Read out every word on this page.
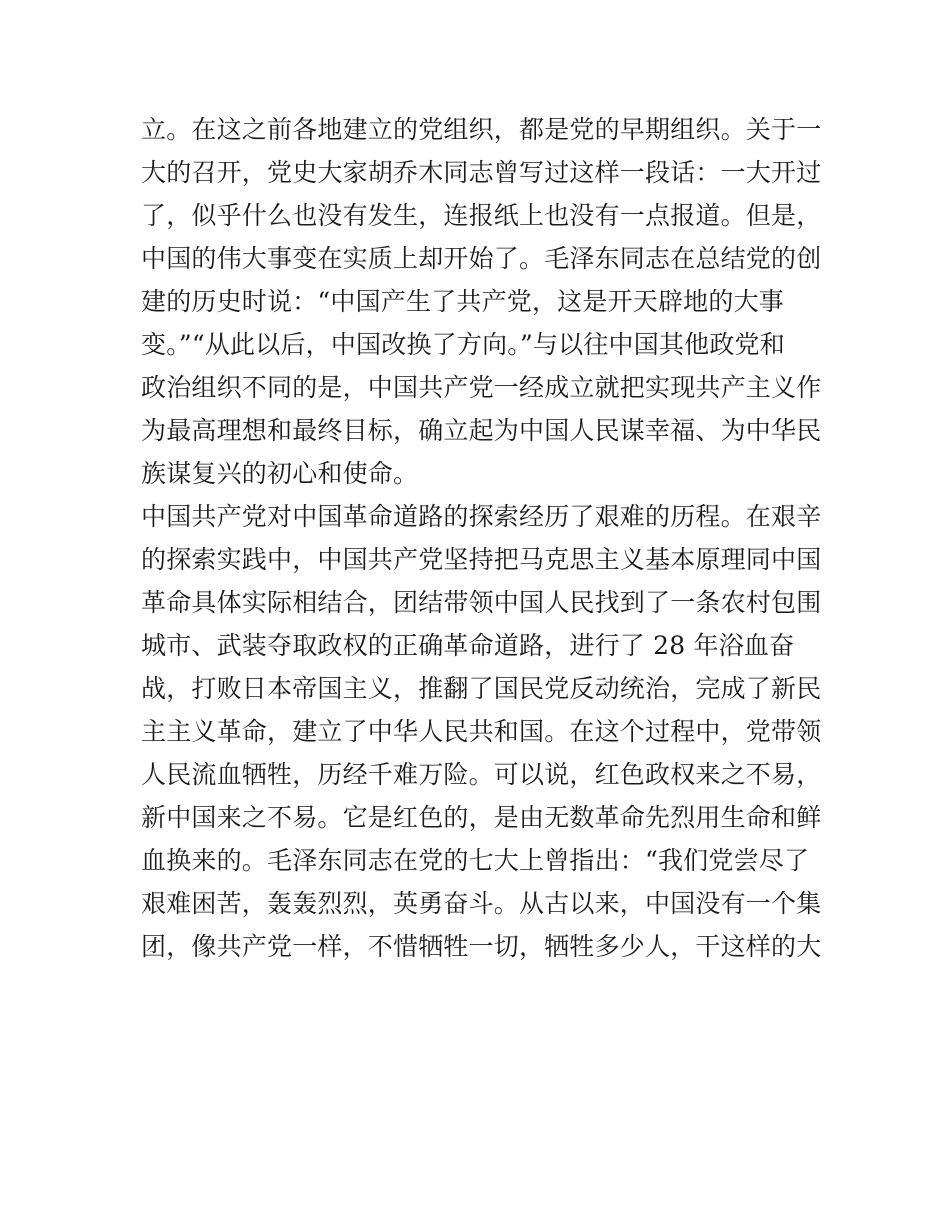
立。在这之前各地建立的党组织，都是党的早期组织。关于一
大的召开，党史大家胡乔木同志曾写过这样一段话：一大开过
了，似乎什么也没有发生，连报纸上也没有一点报道。但是，
中国的伟大事变在实质上却开始了。毛泽东同志在总结党的创
建的历史时说：“中国产生了共产党，这是开天辟地的大事
变。”“从此以后，中国改换了方向。”与以往中国其他政党和
政治组织不同的是，中国共产党一经成立就把实现共产主义作
为最高理想和最终目标，确立起为中国人民谋幸福、为中华民
族谋复兴的初心和使命。
中国共产党对中国革命道路的探索经历了艰难的历程。在艰辛
的探索实践中，中国共产党坚持把马克思主义基本原理同中国
革命具体实际相结合，团结带领中国人民找到了一条农村包围
城市、武装夺取政权的正确革命道路，进行了 28 年浴血奋
战，打败日本帝国主义，推翻了国民党反动统治，完成了新民
主主义革命，建立了中华人民共和国。在这个过程中，党带领
人民流血牺牲，历经千难万险。可以说，红色政权来之不易，
新中国来之不易。它是红色的，是由无数革命先烈用生命和鲜
血换来的。毛泽东同志在党的七大上曾指出：“我们党尝尽了
艰难困苦，轰轰烈烈，英勇奋斗。从古以来，中国没有一个集
团，像共产党一样，不惜牺牲一切，牺牲多少人，干这样的大
